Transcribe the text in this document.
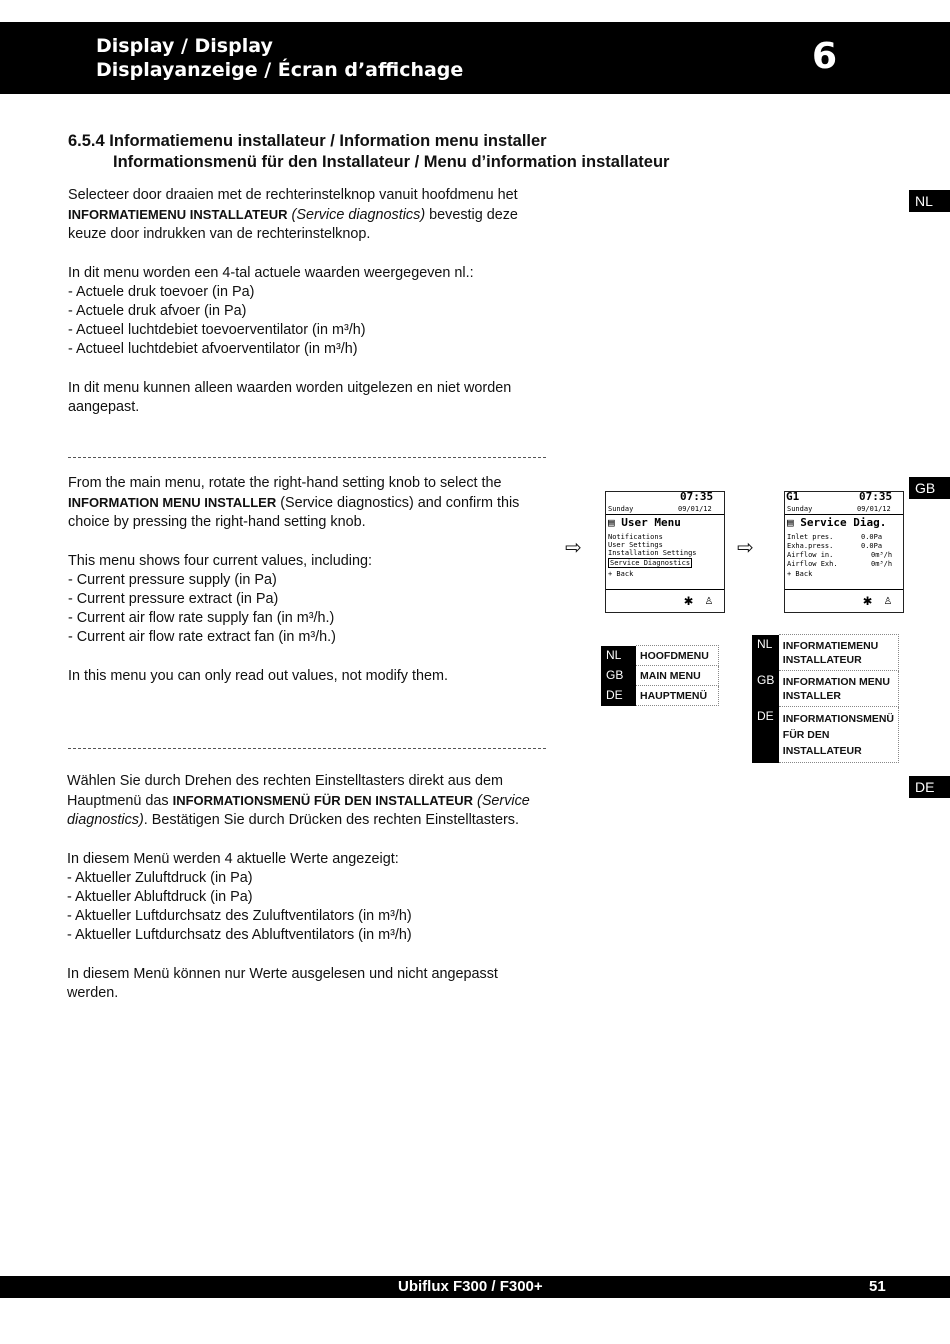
Display / Display
Displayanzeige / Écran d’affichage	6
6.5.4 Informatiemenu installateur / Information menu installer
Informationsmenü für den Installateur / Menu d’information installateur

Selecteer door draaien met de rechterinstelknop vanuit hoofdmenu het INFORMATIEMENU INSTALLATEUR (Service diagnostics) bevestig deze keuze door indrukken van de rechterinstelknop.

In dit menu worden een 4-tal actuele waarden weergegeven nl.:

- Actuele druk toevoer (in Pa)

- Actuele druk afvoer (in Pa)

- Actueel luchtdebiet toevoerventilator (in m³/h)

- Actueel luchtdebiet afvoerventilator (in m³/h)

In dit menu kunnen alleen waarden worden uitgelezen en niet worden aangepast.

From the main menu, rotate the right-hand setting knob to select the INFORMATION MENU INSTALLER (Service diagnostics) and confirm this choice by pressing the right-hand setting knob.

This menu shows four current values, including:

- Current pressure supply (in Pa)

- Current pressure extract (in Pa)

- Current air flow rate supply fan (in m³/h.)

- Current air flow rate extract fan (in m³/h.)

In this menu you can only read out values, not modify them.

Wählen Sie durch Drehen des rechten Einstelltasters direkt aus dem Hauptmenü das INFORMATIONSMENÜ FÜR DEN INSTALLATEUR (Service diagnostics). Bestätigen Sie durch Drücken des rechten Einstelltasters.

In diesem Menü werden 4 aktuelle Werte angezeigt:

- Aktueller Zuluftdruck (in Pa)

- Aktueller Abluftdruck (in Pa)

- Aktueller Luftdurchsatz des Zuluftventilators (in m³/h)

- Aktueller Luftdurchsatz des Abluftventilators (in m³/h)

In diesem Menü können nur Werte ausgelesen und nicht angepasst werden.

NL
GB
DE
⇨	⇨
07:35
Sunday	09/01/12
▤ User Menu
Notifications
User Settings
Installation Settings
Service Diagnostics
+ Back
✱ ♙
G1	07:35
Sunday	09/01/12
▤ Service Diag.
Inlet pres.	0.0Pa
Exha.press.	0.0Pa
Airflow in.	0m³/h
Airflow Exh.	0m³/h
+ Back
✱ ♙
NL	HOOFDMENU
GB	MAIN MENU
DE	HAUPTMENÜ
NL	INFORMATIEMENU INSTALLATEUR
GB	INFORMATION MENU INSTALLER
DE	INFORMATIONSMENÜ FÜR DEN INSTALLATEUR
Ubiflux F300 / F300+	51
